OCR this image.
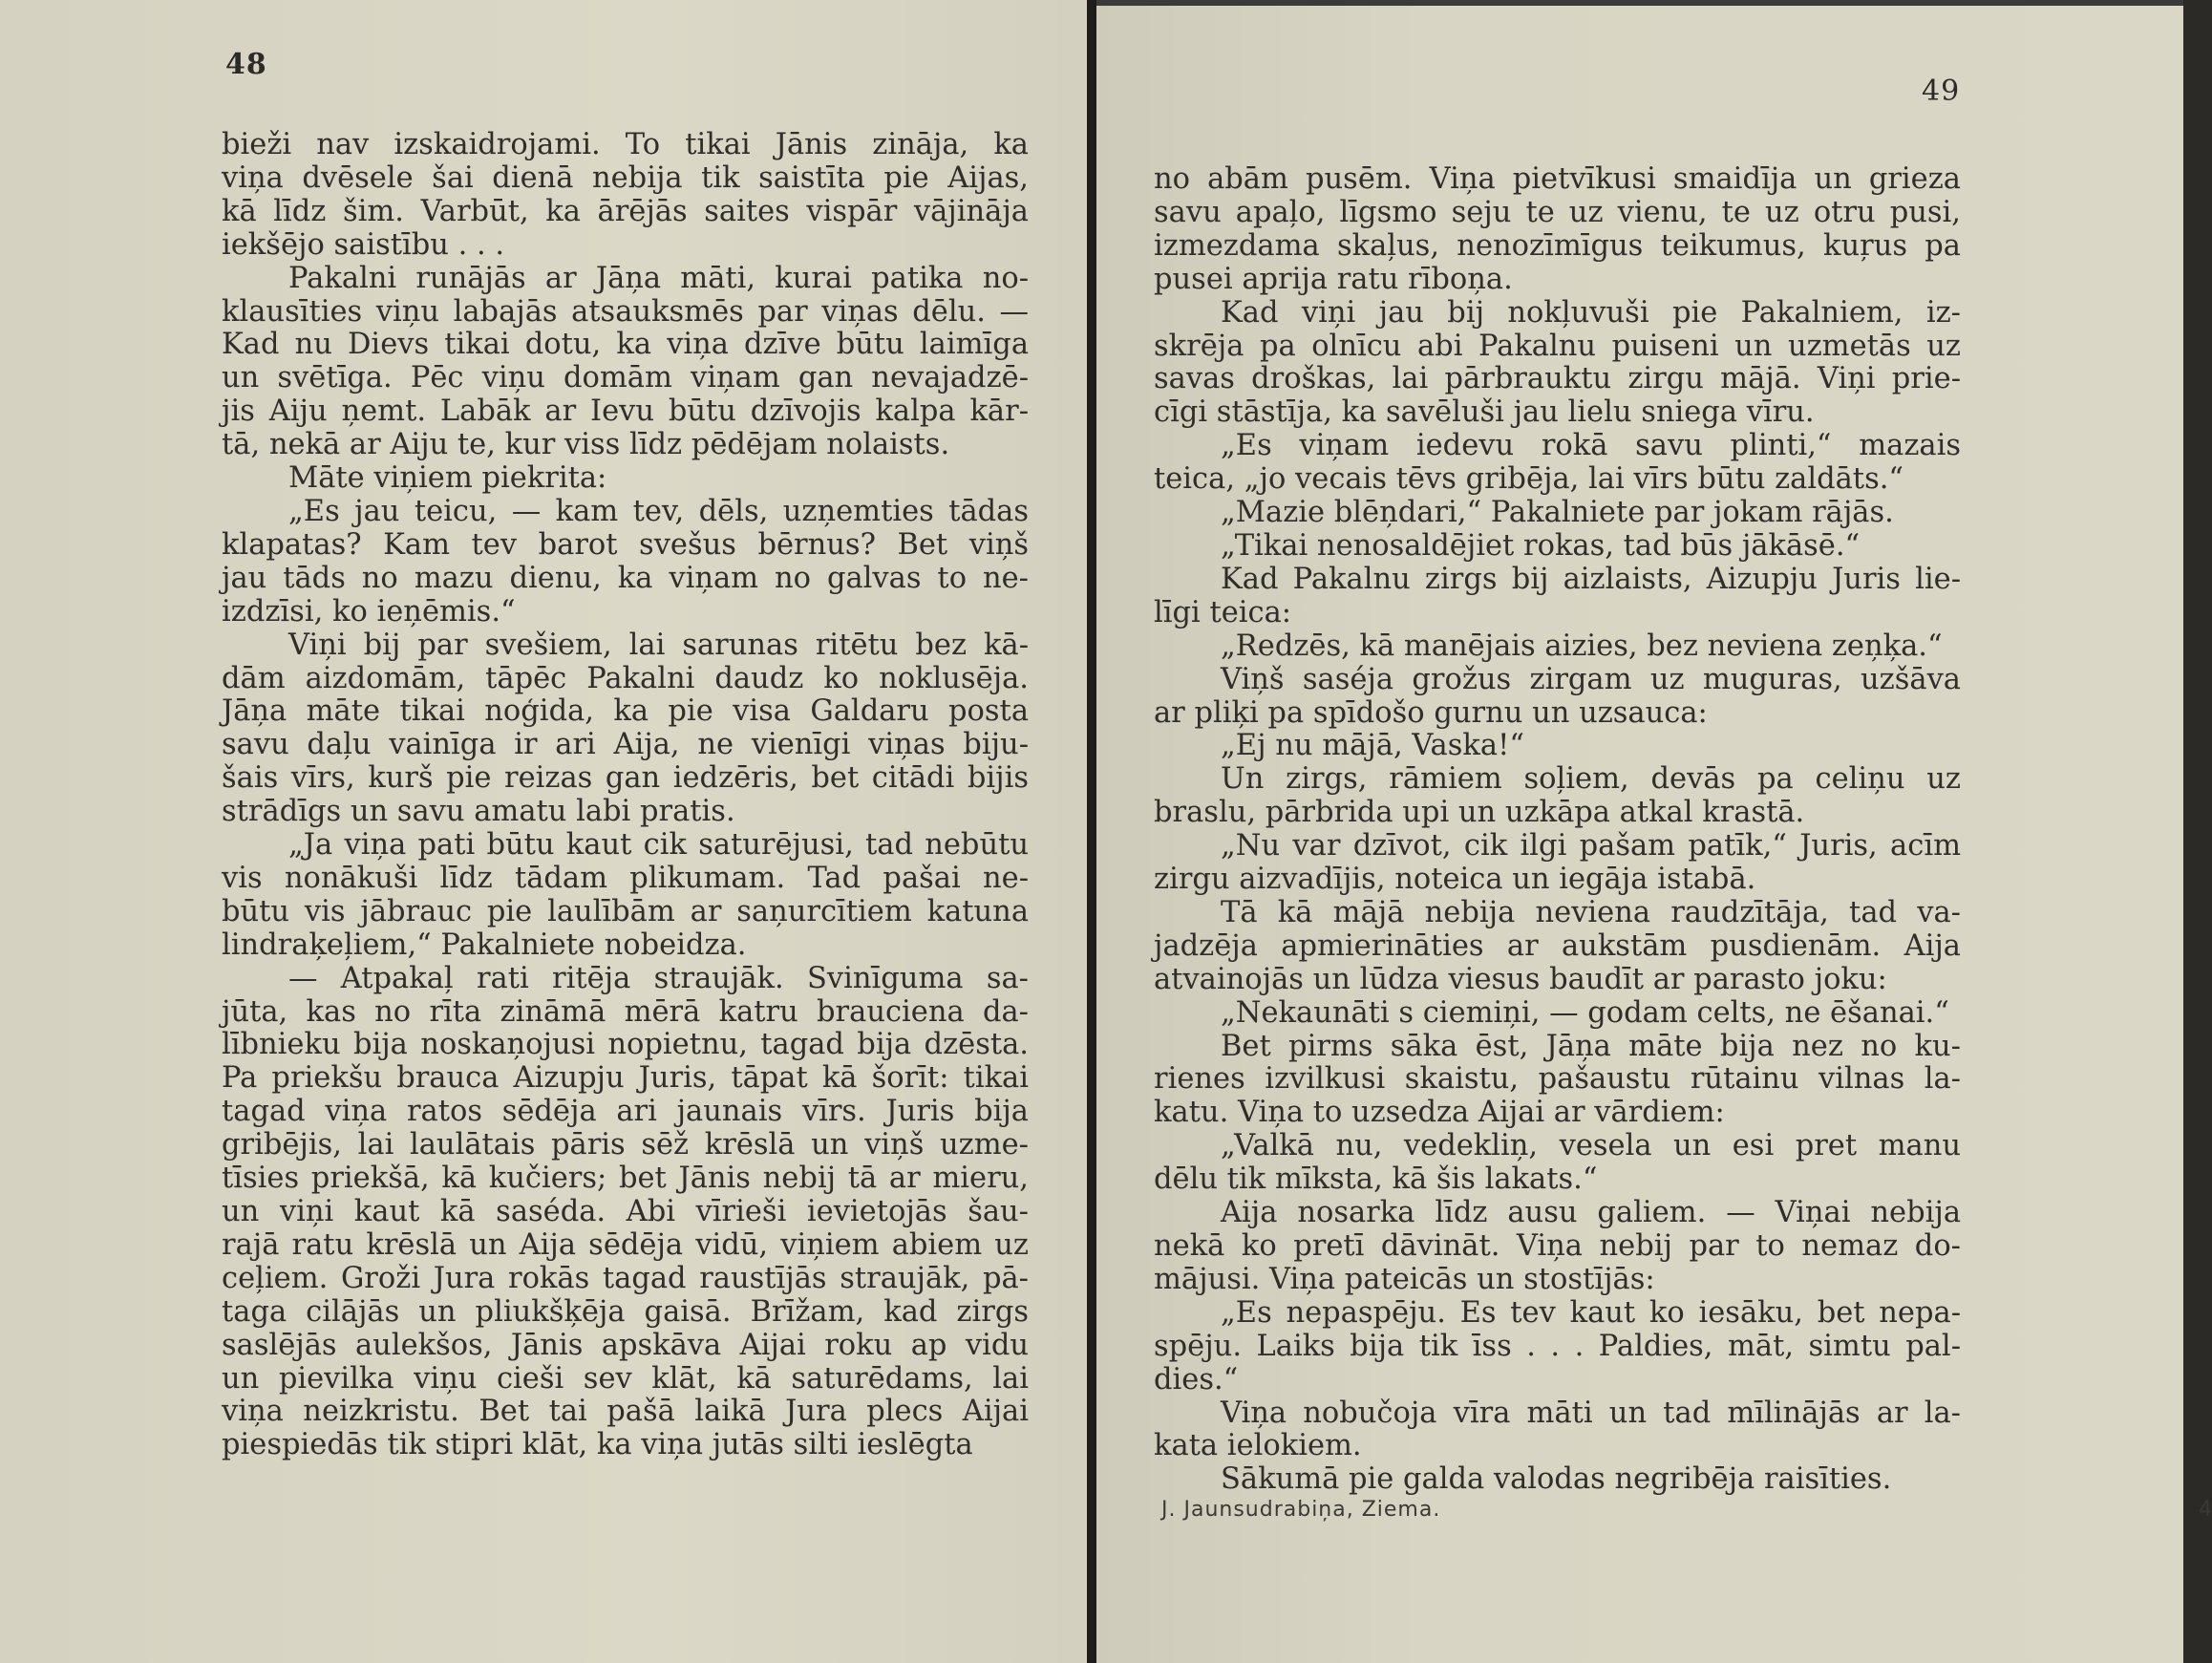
48
bieži nav izskaidrojami. To tikai Jānis zināja, ka
viņa dvēsele šai dienā nebija tik saistīta pie Aijas,
kā līdz šim. Varbūt, ka ārējās saites vispār vājināja
iekšējo saistību . . .
Pakalni runājās ar Jāņa māti, kurai patika no-
klausīties viņu labajās atsauksmēs par viņas dēlu. —
Kad nu Dievs tikai dotu, ka viņa dzīve būtu laimīga
un svētīga. Pēc viņu domām viņam gan nevajadzē-
jis Aiju ņemt. Labāk ar Ievu būtu dzīvojis kalpa kār-
tā, nekā ar Aiju te, kur viss līdz pēdējam nolaists.
Māte viņiem piekrita:
„Es jau teicu, — kam tev, dēls, uzņemties tādas
klapatas? Kam tev barot svešus bērnus? Bet viņš
jau tāds no mazu dienu, ka viņam no galvas to ne-
izdzīsi, ko ieņēmis.“
Viņi bij par svešiem, lai sarunas ritētu bez kā-
dām aizdomām, tāpēc Pakalni daudz ko noklusēja.
Jāņa māte tikai noģida, ka pie visa Galdaru posta
savu daļu vainīga ir ari Aija, ne vienīgi viņas biju-
šais vīrs, kurš pie reizas gan iedzēris, bet citādi bijis
strādīgs un savu amatu labi pratis.
„Ja viņa pati būtu kaut cik saturējusi, tad nebūtu
vis nonākuši līdz tādam plikumam. Tad pašai ne-
būtu vis jābrauc pie laulībām ar saņurcītiem katuna
lindraķeļiem,“ Pakalniete nobeidza.
— Atpakaļ rati ritēja straujāk. Svinīguma sa-
jūta, kas no rīta zināmā mērā katru brauciena da-
lībnieku bija noskaņojusi nopietnu, tagad bija dzēsta.
Pa priekšu brauca Aizupju Juris, tāpat kā šorīt: tikai
tagad viņa ratos sēdēja ari jaunais vīrs. Juris bija
gribējis, lai laulātais pāris sēž krēslā un viņš uzme-
tīsies priekšā, kā kučiers; bet Jānis nebij tā ar mieru,
un viņi kaut kā saséda. Abi vīrieši ievietojās šau-
rajā ratu krēslā un Aija sēdēja vidū, viņiem abiem uz
ceļiem. Groži Jura rokās tagad raustījās straujāk, pā-
taga cilājās un pliukšķēja gaisā. Brīžam, kad zirgs
saslējās aulekšos, Jānis apskāva Aijai roku ap vidu
un pievilka viņu cieši sev klāt, kā saturēdams, lai
viņa neizkristu. Bet tai pašā laikā Jura plecs Aijai
piespiedās tik stipri klāt, ka viņa jutās silti ieslēgta
49
no abām pusēm. Viņa pietvīkusi smaidīja un grieza
savu apaļo, līgsmo seju te uz vienu, te uz otru pusi,
izmezdama skaļus, nenozīmīgus teikumus, kuŗus pa
pusei aprija ratu rīboņa.
Kad viņi jau bij nokļuvuši pie Pakalniem, iz-
skrēja pa olnīcu abi Pakalnu puiseni un uzmetās uz
savas droškas, lai pārbrauktu zirgu mājā. Viņi prie-
cīgi stāstīja, ka savēluši jau lielu sniega vīru.
„Es viņam iedevu rokā savu plinti,“ mazais
teica, „jo vecais tēvs gribēja, lai vīrs būtu zaldāts.“
„Mazie blēņdari,“ Pakalniete par jokam rājās.
„Tikai nenosaldējiet rokas, tad būs jākāsē.“
Kad Pakalnu zirgs bij aizlaists, Aizupju Juris lie-
līgi teica:
„Redzēs, kā manējais aizies, bez neviena zeņķa.“
Viņš saséja grožus zirgam uz muguras, uzšāva
ar pliķi pa spīdošo gurnu un uzsauca:
„Ej nu mājā, Vaska!“
Un zirgs, rāmiem soļiem, devās pa celiņu uz
braslu, pārbrida upi un uzkāpa atkal krastā.
„Nu var dzīvot, cik ilgi pašam patīk,“ Juris, acīm
zirgu aizvadījis, noteica un iegāja istabā.
Tā kā mājā nebija neviena raudzītāja, tad va-
jadzēja apmierināties ar aukstām pusdienām. Aija
atvainojās un lūdza viesus baudīt ar parasto joku:
„Nekaunāti s ciemiņi, — godam celts, ne ēšanai.“
Bet pirms sāka ēst, Jāņa māte bija nez no ku-
rienes izvilkusi skaistu, pašaustu rūtainu vilnas la-
katu. Viņa to uzsedza Aijai ar vārdiem:
„Valkā nu, vedekliņ, vesela un esi pret manu
dēlu tik mīksta, kā šis lakats.“
Aija nosarka līdz ausu galiem. — Viņai nebija
nekā ko pretī dāvināt. Viņa nebij par to nemaz do-
mājusi. Viņa pateicās un stostījās:
„Es nepaspēju. Es tev kaut ko iesāku, bet nepa-
spēju. Laiks bija tik īss . . . Paldies, māt, simtu pal-
dies.“
Viņa nobučoja vīra māti un tad mīlinājās ar la-
kata ielokiem.
Sākumā pie galda valodas negribēja raisīties.
J. Jaunsudrabiņa, Ziema.	4
